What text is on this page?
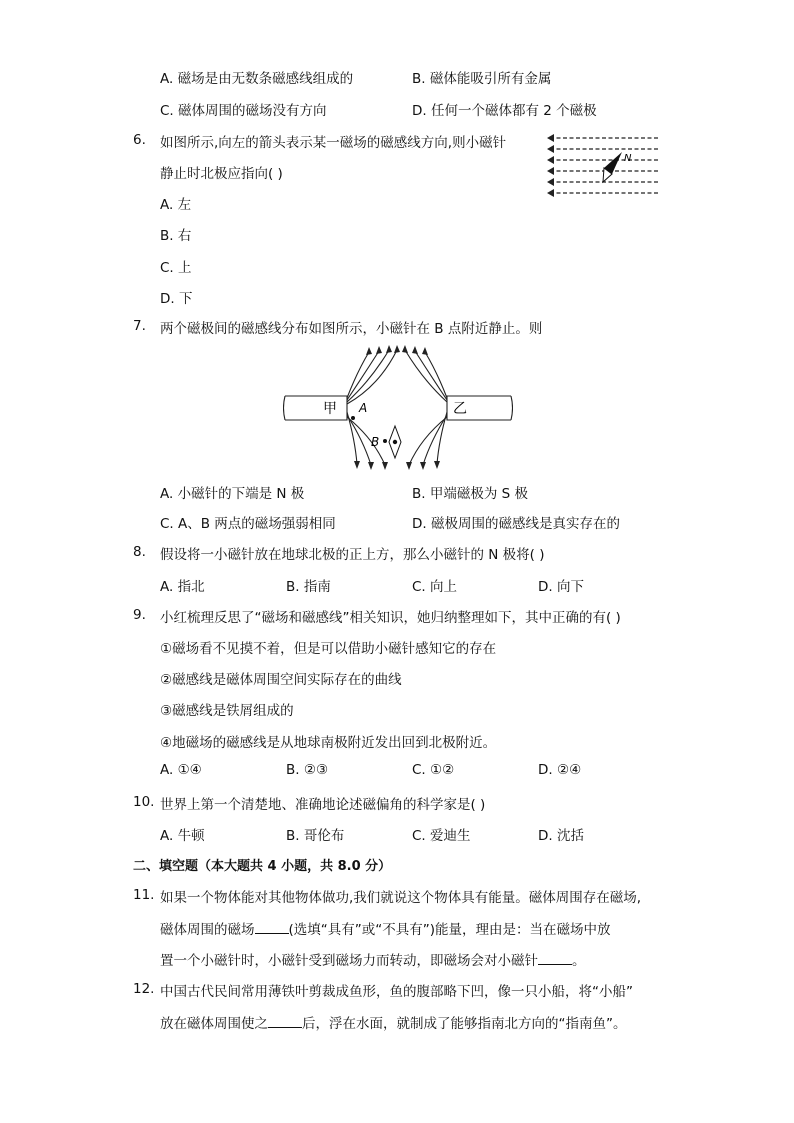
A. 磁场是由无数条磁感线组成的	B. 磁体能吸引所有金属
C. 磁体周围的磁场没有方向	D. 任何一个磁体都有 2 个磁极
6. 如图所示,向左的箭头表示某一磁场的磁感线方向,则小磁针
静止时北极应指向( )
A. 左
B. 右
C. 上
D. 下
N
7. 两个磁极间的磁感线分布如图所示，小磁针在 B 点附近静止。则
甲	乙
A
B
A. 小磁针的下端是 N 极	B. 甲端磁极为 S 极
C. A、B 两点的磁场强弱相同	D. 磁极周围的磁感线是真实存在的
8. 假设将一小磁针放在地球北极的正上方，那么小磁针的 N 极将( )
A. 指北	B. 指南	C. 向上	D. 向下
9. 小红梳理反思了“磁场和磁感线”相关知识，她归纳整理如下，其中正确的有( )
①磁场看不见摸不着，但是可以借助小磁针感知它的存在
②磁感线是磁体周围空间实际存在的曲线
③磁感线是铁屑组成的
④地磁场的磁感线是从地球南极附近发出回到北极附近。
A. ①④	B. ②③	C. ①②	D. ②④
10. 世界上第一个清楚地、准确地论述磁偏角的科学家是( )
A. 牛顿	B. 哥伦布	C. 爱迪生	D. 沈括
二、填空题（本大题共 4 小题，共 8.0 分）
11. 如果一个物体能对其他物体做功,我们就说这个物体具有能量。磁体周围存在磁场,
磁体周围的磁场	(选填“具有”或“不具有”)能量，理由是：当在磁场中放
置一个小磁针时，小磁针受到磁场力而转动，即磁场会对小磁针	。
12. 中国古代民间常用薄铁叶剪裁成鱼形，鱼的腹部略下凹，像一只小船，将“小船”
放在磁体周围使之	后，浮在水面，就制成了能够指南北方向的“指南鱼”。
